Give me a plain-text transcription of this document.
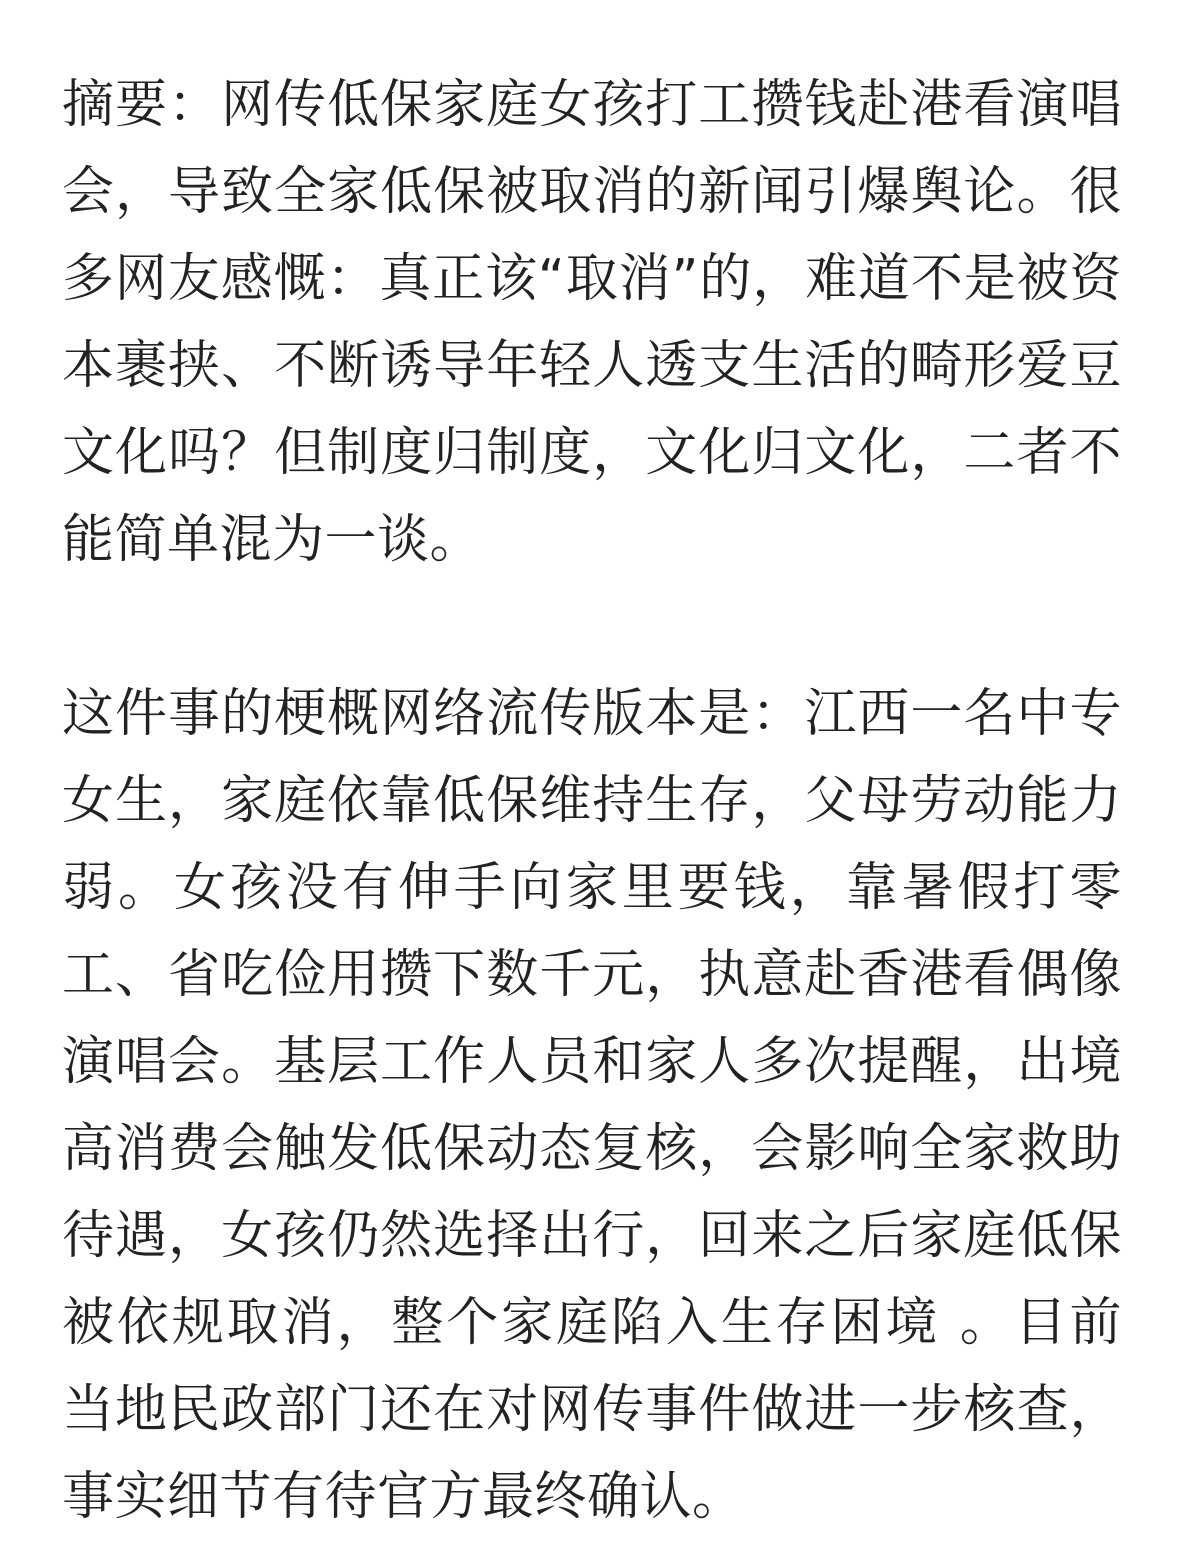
摘要：网传低保家庭女孩打工攒钱赴港看演唱会，导致全家低保被取消的新闻引爆舆论。很多网友感慨：真正该“取消”的，难道不是被资本裹挟、不断诱导年轻人透支生活的畸形爱豆文化吗？但制度归制度，文化归文化，二者不能简单混为一谈。

这件事的梗概网络流传版本是：江西一名中专女生，家庭依靠低保维持生存，父母劳动能力弱。女孩没有伸手向家里要钱，靠暑假打零工、省吃俭用攒下数千元，执意赴香港看偶像演唱会。基层工作人员和家人多次提醒，出境高消费会触发低保动态复核，会影响全家救助待遇，女孩仍然选择出行，回来之后家庭低保被依规取消，整个家庭陷入生存困境 。目前当地民政部门还在对网传事件做进一步核查，事实细节有待官方最终确认。
